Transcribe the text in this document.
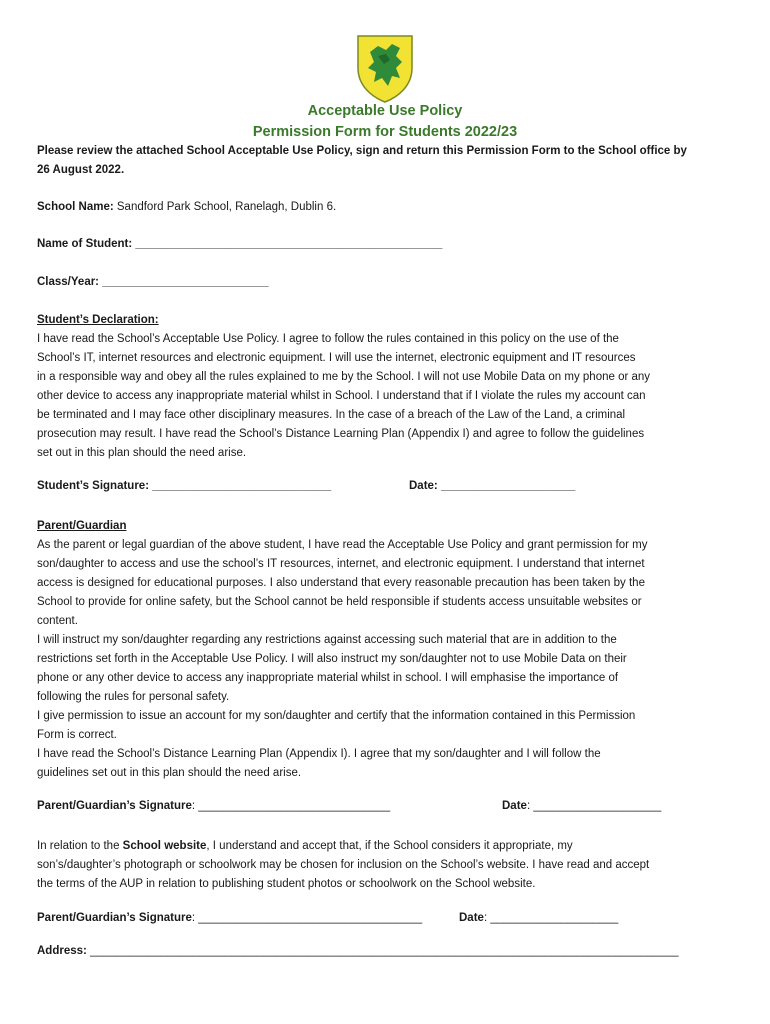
Acceptable Use Policy
Permission Form for Students 2022/23
Please review the attached School Acceptable Use Policy, sign and return this Permission Form to the School office by
26 August 2022.
School Name: Sandford Park School, Ranelagh, Dublin 6.
Name of Student: ________________________________________________
Class/Year: __________________________
Student’s Declaration:
I have read the School’s Acceptable Use Policy. I agree to follow the rules contained in this policy on the use of the
School’s IT, internet resources and electronic equipment. I will use the internet, electronic equipment and IT resources
in a responsible way and obey all the rules explained to me by the School. I will not use Mobile Data on my phone or any
other device to access any inappropriate material whilst in School. I understand that if I violate the rules my account can
be terminated and I may face other disciplinary measures. In the case of a breach of the Law of the Land, a criminal
prosecution may result. I have read the School’s Distance Learning Plan (Appendix I) and agree to follow the guidelines
set out in this plan should the need arise.
Student’s Signature: ____________________________	Date: _____________________
Parent/Guardian
As the parent or legal guardian of the above student, I have read the Acceptable Use Policy and grant permission for my
son/daughter to access and use the school’s IT resources, internet, and electronic equipment. I understand that internet
access is designed for educational purposes. I also understand that every reasonable precaution has been taken by the
School to provide for online safety, but the School cannot be held responsible if students access unsuitable websites or
content.
I will instruct my son/daughter regarding any restrictions against accessing such material that are in addition to the
restrictions set forth in the Acceptable Use Policy. I will also instruct my son/daughter not to use Mobile Data on their
phone or any other device to access any inappropriate material whilst in school. I will emphasise the importance of
following the rules for personal safety.
I give permission to issue an account for my son/daughter and certify that the information contained in this Permission
Form is correct.
I have read the School’s Distance Learning Plan (Appendix I). I agree that my son/daughter and I will follow the
guidelines set out in this plan should the need arise.
Parent/Guardian’s Signature: ______________________________	Date: ____________________
In relation to the School website, I understand and accept that, if the School considers it appropriate, my
son’s/daughter’s photograph or schoolwork may be chosen for inclusion on the School’s website. I have read and accept
the terms of the AUP in relation to publishing student photos or schoolwork on the School website.
Parent/Guardian’s Signature: ___________________________________	Date: ____________________
Address: ____________________________________________________________________________________________
